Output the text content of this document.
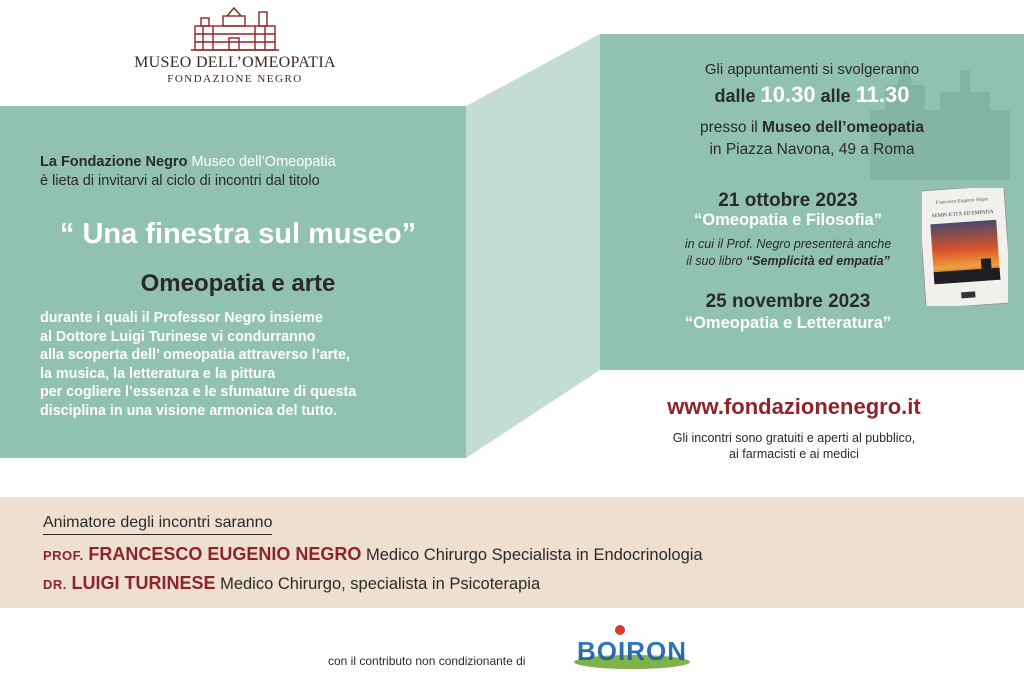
MUSEO DELL’OMEOPATIA
FONDAZIONE NEGRO
La Fondazione Negro Museo dell’Omeopatia
è lieta di invitarvi al ciclo di incontri dal titolo
“ Una finestra sul museo”
Omeopatia e arte
durante i quali il Professor Negro insieme
al Dottore Luigi Turinese vi condurranno
alla scoperta dell’ omeopatia attraverso l’arte,
la musica, la letteratura e la pittura
per cogliere l’essenza e le sfumature di questa
disciplina in una visione armonica del tutto.
Gli appuntamenti si svolgeranno
dalle 10.30 alle 11.30
presso il Museo dell’omeopatia
in Piazza Navona, 49 a Roma
21 ottobre 2023
“Omeopatia e Filosofia”
in cui il Prof. Negro presenterà anche
il suo libro “Semplicità ed empatia”
25 novembre 2023
“Omeopatia e Letteratura”
Francesco Eugenio Negro
SEMPLICITÀ ED EMPATIA
www.fondazionenegro.it
Gli incontri sono gratuiti e aperti al pubblico,
ai farmacisti e ai medici
Animatore degli incontri saranno
PROF. FRANCESCO EUGENIO NEGRO Medico Chirurgo Specialista in Endocrinologia
DR. LUIGI TURINESE Medico Chirurgo, specialista in Psicoterapia
con il contributo non condizionante di BOIRON
